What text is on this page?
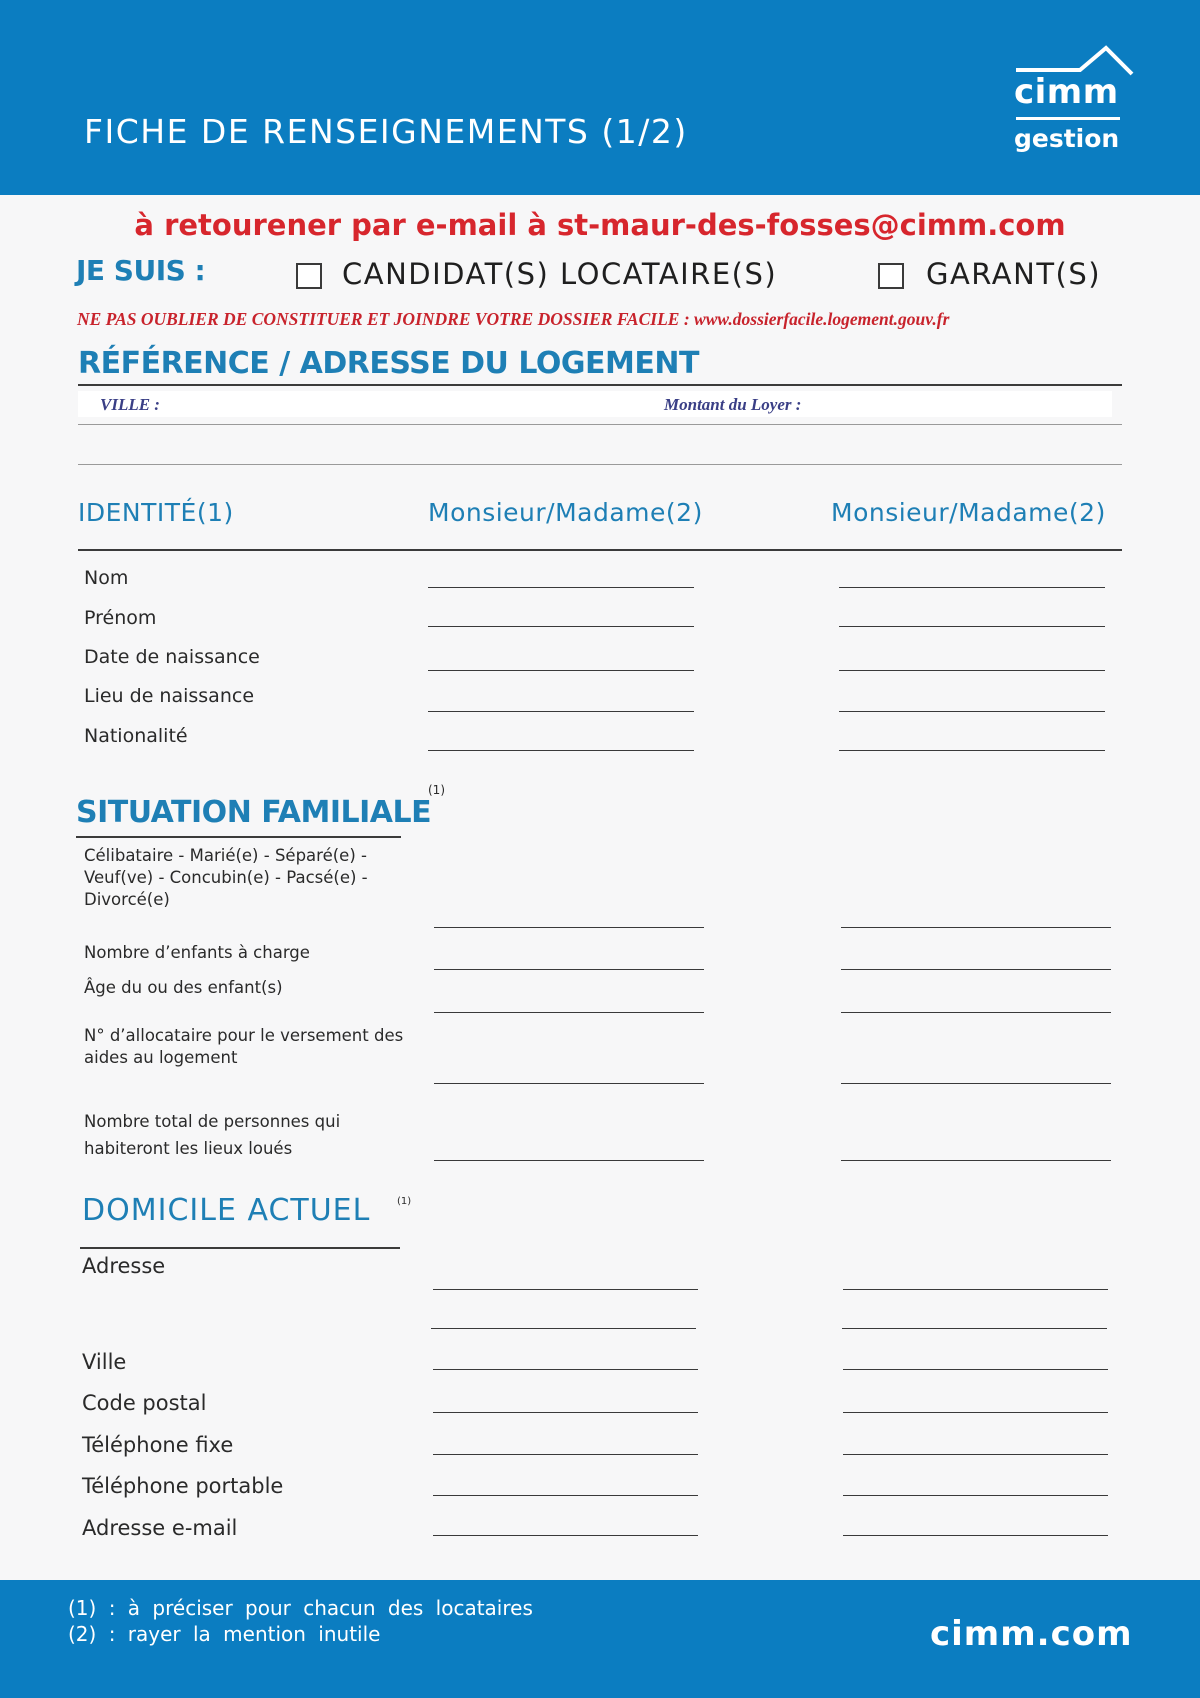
FICHE DE RENSEIGNEMENTS (1/2)
cimm
gestion
à retourener par e-mail à st-maur-des-fosses@cimm.com
JE SUIS :	CANDIDAT(S) LOCATAIRE(S)	GARANT(S)
NE PAS OUBLIER DE CONSTITUER ET JOINDRE VOTRE DOSSIER FACILE : www.dossierfacile.logement.gouv.fr
RÉFÉRENCE / ADRESSE DU LOGEMENT
VILLE :	Montant du Loyer :
IDENTITÉ(1)	Monsieur/Madame(2)	Monsieur/Madame(2)
Nom
Prénom
Date de naissance
Lieu de naissance
Nationalité
SITUATION FAMILIALE
(1)
Célibataire - Marié(e) - Séparé(e) - Veuf(ve) - Concubin(e) - Pacsé(e) - Divorcé(e)
Nombre d’enfants à charge
Âge du ou des enfant(s)
N° d’allocataire pour le versement des aides au logement
Nombre total de personnes qui habiteront les lieux loués
DOMICILE ACTUEL	(1)
Adresse
Ville
Code postal
Téléphone fixe
Téléphone portable
Adresse e-mail
(1) : à préciser pour chacun des locataires
(2) : rayer la mention inutile	cimm.com
